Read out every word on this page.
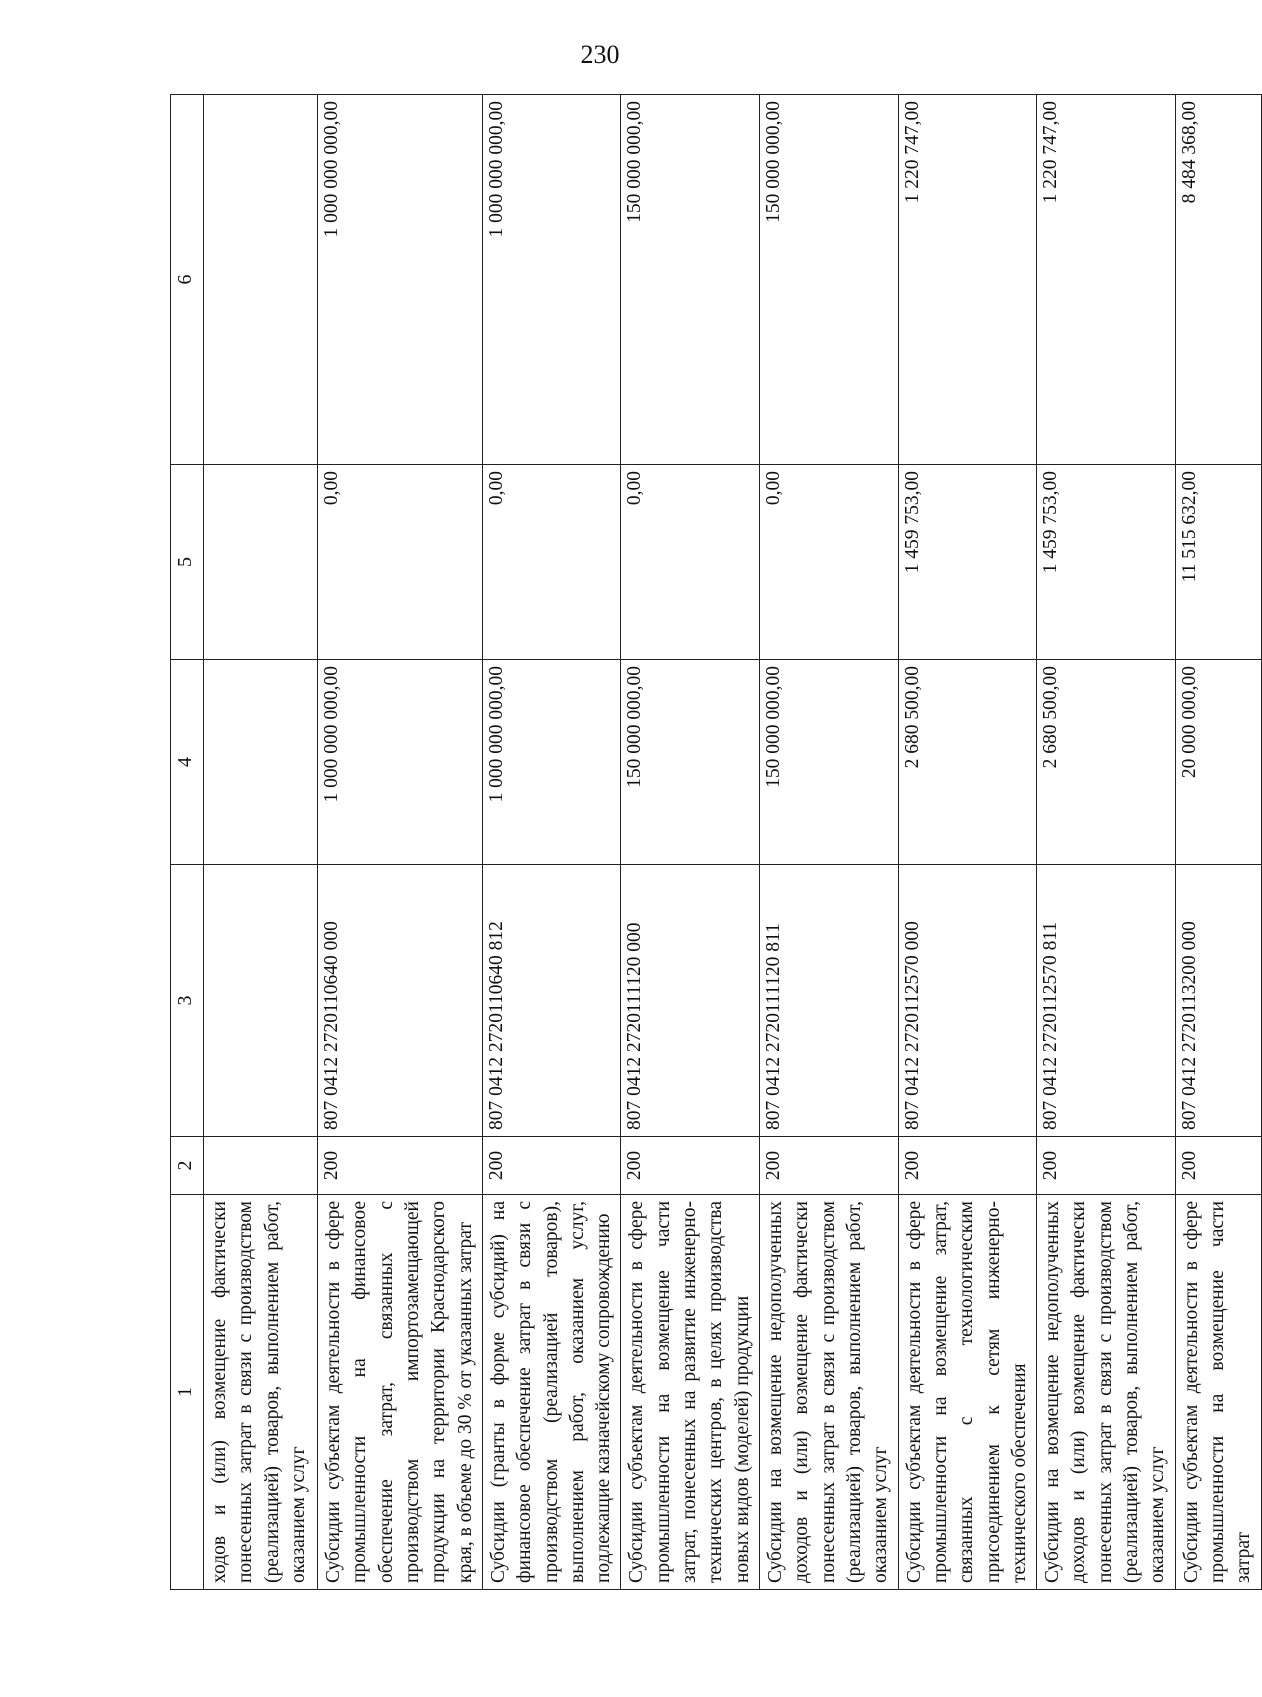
230
1	2	3	4	5	6
ходов и (или) возмещение фактически понесенных затрат в связи с производством (реализацией) товаров, выполнением работ, оказанием услуг					
Субсидии субъектам деятельности в сфере промышленности на финансовое обеспечение затрат, связанных с производством импортозамещающей продукции на территории Краснодарского края, в объеме до 30 % от указанных затрат	200	807 0412 2720110640 000	1 000 000 000,00	0,00	1 000 000 000,00
Субсидии (гранты в форме субсидий) на финансовое обеспечение затрат в связи с производством (реализацией товаров), выполнением работ, оказанием услуг, подлежащие казначейскому сопровождению	200	807 0412 2720110640 812	1 000 000 000,00	0,00	1 000 000 000,00
Субсидии субъектам деятельности в сфере промышленности на возмещение части затрат, понесенных на развитие инженерно-технических центров, в целях производства новых видов (моделей) продукции	200	807 0412 2720111120 000	150 000 000,00	0,00	150 000 000,00
Субсидии на возмещение недополученных доходов и (или) возмещение фактически понесенных затрат в связи с производством (реализацией) товаров, выполнением работ, оказанием услуг	200	807 0412 2720111120 811	150 000 000,00	0,00	150 000 000,00
Субсидии субъектам деятельности в сфере промышленности на возмещение затрат, связанных с технологическим присоединением к сетям инженерно-технического обеспечения	200	807 0412 2720112570 000	2 680 500,00	1 459 753,00	1 220 747,00
Субсидии на возмещение недополученных доходов и (или) возмещение фактически понесенных затрат в связи с производством (реализацией) товаров, выполнением работ, оказанием услуг	200	807 0412 2720112570 811	2 680 500,00	1 459 753,00	1 220 747,00
Субсидии субъектам деятельности в сфере промышленности на возмещение части затрат	200	807 0412 2720113200 000	20 000 000,00	11 515 632,00	8 484 368,00
